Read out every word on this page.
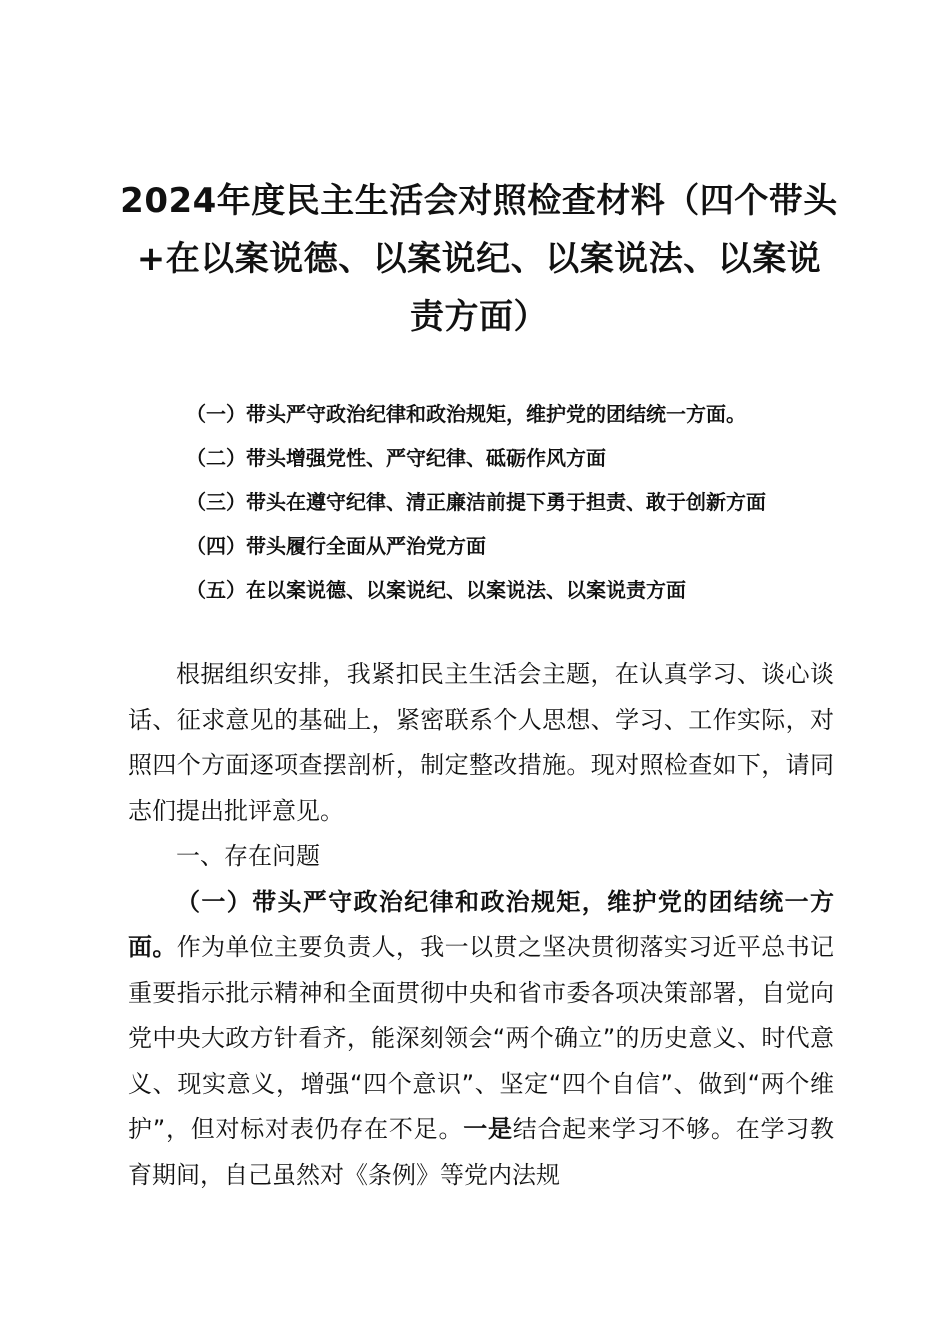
2024年度民主生活会对照检查材料（四个带头+在以案说德、以案说纪、以案说法、以案说责方面）
（一）带头严守政治纪律和政治规矩，维护党的团结统一方面。
（二）带头增强党性、严守纪律、砥砺作风方面
（三）带头在遵守纪律、清正廉洁前提下勇于担责、敢于创新方面
（四）带头履行全面从严治党方面
（五）在以案说德、以案说纪、以案说法、以案说责方面

根据组织安排，我紧扣民主生活会主题，在认真学习、谈心谈话、征求意见的基础上，紧密联系个人思想、学习、工作实际，对照四个方面逐项查摆剖析，制定整改措施。现对照检查如下，请同志们提出批评意见。

一、存在问题

（一）带头严守政治纪律和政治规矩，维护党的团结统一方面。作为单位主要负责人，我一以贯之坚决贯彻落实习近平总书记重要指示批示精神和全面贯彻中央和省市委各项决策部署，自觉向党中央大政方针看齐，能深刻领会“两个确立”的历史意义、时代意义、现实意义，增强“四个意识”、坚定“四个自信”、做到“两个维护”，但对标对表仍存在不足。一是结合起来学习不够。在学习教育期间，自己虽然对《条例》等党内法规
